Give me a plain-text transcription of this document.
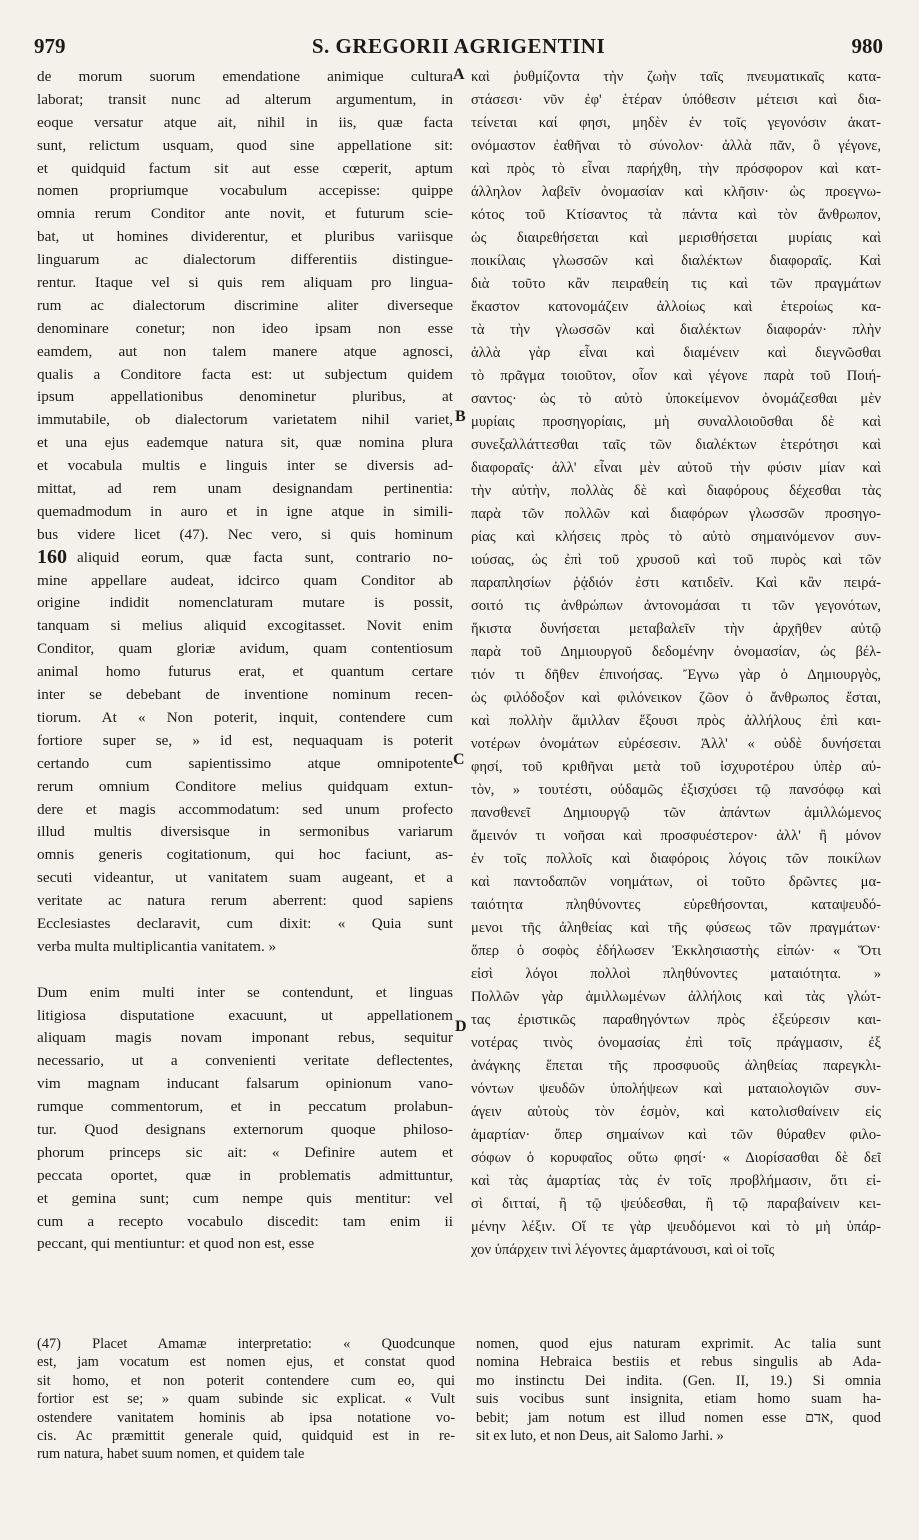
979	S. GREGORII AGRIGENTINI	980
de morum suorum emendatione animique cultura
laborat; transit nunc ad alterum argumentum, in
eoque versatur atque ait, nihil in iis, quæ facta
sunt, relictum usquam, quod sine appellatione sit:
et quidquid factum sit aut esse cœperit, aptum
nomen propriumque vocabulum accepisse: quippe
omnia rerum Conditor ante novit, et futurum scie-
bat, ut homines dividerentur, et pluribus variisque
linguarum ac dialectorum differentiis distingue-
rentur. Itaque vel si quis rem aliquam pro lingua-
rum ac dialectorum discrimine aliter diverseque
denominare conetur; non ideo ipsam non esse
eamdem, aut non talem manere atque agnosci,
qualis a Conditore facta est: ut subjectum quidem
ipsum appellationibus denominetur pluribus, at
immutabile, ob dialectorum varietatem nihil variet,
et una ejus eademque natura sit, quæ nomina plura
et vocabula multis e linguis inter se diversis ad-
mittat, ad rem unam designandam pertinentia:
quemadmodum in auro et in igne atque in simili-
bus videre licet (47). Nec vero, si quis hominum
aliquid eorum, quæ facta sunt, contrario no-
mine appellare audeat, idcirco quam Conditor ab
origine indidit nomenclaturam mutare is possit,
tanquam si melius aliquid excogitasset. Novit enim
Conditor, quam gloriæ avidum, quam contentiosum
animal homo futurus erat, et quantum certare
inter se debebant de inventione nominum recen-
tiorum. At « Non poterit, inquit, contendere cum
fortiore super se, » id est, nequaquam is poterit
certando cum sapientissimo atque omnipotente
rerum omnium Conditore melius quidquam extun-
dere et magis accommodatum: sed unum profecto
illud multis diversisque in sermonibus variarum
omnis generis cogitationum, qui hoc faciunt, as-
secuti videantur, ut vanitatem suam augeant, et a
veritate ac natura rerum aberrent: quod sapiens
Ecclesiastes declaravit, cum dixit: « Quia sunt
verba multa multiplicantia vanitatem. »
Dum enim multi inter se contendunt, et linguas
litigiosa disputatione exacuunt, ut appellationem
aliquam magis novam imponant rebus, sequitur
necessario, ut a convenienti veritate deflectentes,
vim magnam inducant falsarum opinionum vano-
rumque commentorum, et in peccatum prolabun-
tur. Quod designans externorum quoque philoso-
phorum princeps sic ait: « Definire autem et
peccata oportet, quæ in problematis admittuntur,
et gemina sunt; cum nempe quis mentitur: vel
cum a recepto vocabulo discedit: tam enim ii
peccant, qui mentiuntur: et quod non est, esse
καὶ ῥυθμίζοντα τὴν ζωὴν ταῖς πνευματικαῖς κατα-
στάσεσι· νῦν ἐφ' ἑτέραν ὑπόθεσιν μέτεισι καὶ δια-
τείνεται καί φησι, μηδὲν ἐν τοῖς γεγονόσιν ἀκατ-
ονόμαστον ἐαθῆναι τὸ σύνολον· ἀλλὰ πᾶν, ὃ γέγονε,
καὶ πρὸς τὸ εἶναι παρήχθη, τὴν πρόσφορον καὶ κατ-
άλληλον λαβεῖν ὀνομασίαν καὶ κλῆσιν· ὡς προεγνω-
κότος τοῦ Κτίσαντος τὰ πάντα καὶ τὸν ἄνθρωπον,
ὡς διαιρεθήσεται καὶ μερισθήσεται μυρίαις καὶ
ποικίλαις γλωσσῶν καὶ διαλέκτων διαφοραῖς. Καὶ
διὰ τοῦτο κἂν πειραθείη τις καὶ τῶν πραγμάτων
ἕκαστον κατονομάζειν ἀλλοίως καὶ ἑτεροίως κα-
τὰ τὴν γλωσσῶν καὶ διαλέκτων διαφοράν· πλὴν
ἀλλὰ γὰρ εἶναι καὶ διαμένειν καὶ διεγνῶσθαι
τὸ πρᾶγμα τοιοῦτον, οἷον καὶ γέγονε παρὰ τοῦ Ποιή-
σαντος· ὡς τὸ αὐτὸ ὑποκείμενον ὀνομάζεσθαι μὲν
μυρίαις προσηγορίαις, μὴ συναλλοιοῦσθαι δὲ καὶ
συνεξαλλάττεσθαι ταῖς τῶν διαλέκτων ἑτερότησι καὶ
διαφοραῖς· ἀλλ' εἶναι μὲν αὐτοῦ τὴν φύσιν μίαν καὶ
τὴν αὐτὴν, πολλὰς δὲ καὶ διαφόρους δέχεσθαι τὰς
παρὰ τῶν πολλῶν καὶ διαφόρων γλωσσῶν προσηγο-
ρίας καὶ κλήσεις πρὸς τὸ αὐτὸ σημαινόμενον συν-
ιούσας, ὡς ἐπὶ τοῦ χρυσοῦ καὶ τοῦ πυρὸς καὶ τῶν
παραπλησίων ῥᾴδιόν ἐστι κατιδεῖν. Καὶ κἂν πειρά-
σοιτό τις ἀνθρώπων ἀντονομάσαι τι τῶν γεγονότων,
ἥκιστα δυνήσεται μεταβαλεῖν τὴν ἀρχῆθεν αὐτῷ
παρὰ τοῦ Δημιουργοῦ δεδομένην ὀνομασίαν, ὡς βέλ-
τιόν τι δῆθεν ἐπινοήσας. Ἔγνω γὰρ ὁ Δημιουργὸς,
ὡς φιλόδοξον καὶ φιλόνεικον ζῶον ὁ ἄνθρωπος ἔσται,
καὶ πολλὴν ἅμιλλαν ἕξουσι πρὸς ἀλλήλους ἐπὶ και-
νοτέρων ὀνομάτων εὑρέσεσιν. Ἀλλ' « οὐδὲ δυνήσεται
φησί, τοῦ κριθῆναι μετὰ τοῦ ἰσχυροτέρου ὑπὲρ αὐ-
τὸν, » τουτέστι, οὐδαμῶς ἐξισχύσει τῷ πανσόφῳ καὶ
πανσθενεῖ Δημιουργῷ τῶν ἁπάντων ἁμιλλώμενος
ἄμεινόν τι νοῆσαι καὶ προσφυέστερον· ἀλλ' ἢ μόνον
ἐν τοῖς πολλοῖς καὶ διαφόροις λόγοις τῶν ποικίλων
καὶ παντοδαπῶν νοημάτων, οἱ τοῦτο δρῶντες μα-
ταιότητα πληθύνοντες εὑρεθήσονται, καταψευδό-
μενοι τῆς ἀληθείας καὶ τῆς φύσεως τῶν πραγμάτων·
ὅπερ ὁ σοφὸς ἐδήλωσεν Ἐκκλησιαστὴς εἰπών· « Ὅτι
εἰσὶ λόγοι πολλοὶ πληθύνοντες ματαιότητα. »
Πολλῶν γὰρ ἁμιλλωμένων ἀλλήλοις καὶ τὰς γλώτ-
τας ἐριστικῶς παραθηγόντων πρὸς ἐξεύρεσιν και-
νοτέρας τινὸς ὀνομασίας ἐπὶ τοῖς πράγμασιν, ἐξ
ἀνάγκης ἕπεται τῆς προσφυοῦς ἀληθείας παρεγκλι-
νόντων ψευδῶν ὑπολήψεων καὶ ματαιολογιῶν συν-
άγειν αὐτοὺς τὸν ἑσμὸν, καὶ κατολισθαίνειν εἰς
ἁμαρτίαν· ὅπερ σημαίνων καὶ τῶν θύραθεν φιλο-
σόφων ὁ κορυφαῖος οὕτω φησί· « Διορίσασθαι δὲ δεῖ
καὶ τὰς ἁμαρτίας τὰς ἐν τοῖς προβλήμασιν, ὅτι εἰ-
σὶ διτταί, ἢ τῷ ψεύδεσθαι, ἢ τῷ παραβαίνειν κει-
μένην λέξιν. Οἵ τε γὰρ ψευδόμενοι καὶ τὸ μὴ ὑπάρ-
χον ὑπάρχειν τινὶ λέγοντες ἁμαρτάνουσι, καὶ οἱ τοῖς
A
B
C
D
(47) Placet Amamæ interpretatio: « Quodcunque
est, jam vocatum est nomen ejus, et constat quod
sit homo, et non poterit contendere cum eo, qui
fortior est se; » quam subinde sic explicat. « Vult
ostendere vanitatem hominis ab ipsa notatione vo-
cis. Ac præmittit generale quid, quidquid est in re-
rum natura, habet suum nomen, et quidem tale
nomen, quod ejus naturam exprimit. Ac talia sunt
nomina Hebraica bestiis et rebus singulis ab Ada-
mo instinctu Dei indita. (Gen. II, 19.) Si omnia
suis vocibus sunt insignita, etiam homo suam ha-
bebit; jam notum est illud nomen esse אדם, quod
sit ex luto, et non Deus, ait Salomo Jarhi. »
160
